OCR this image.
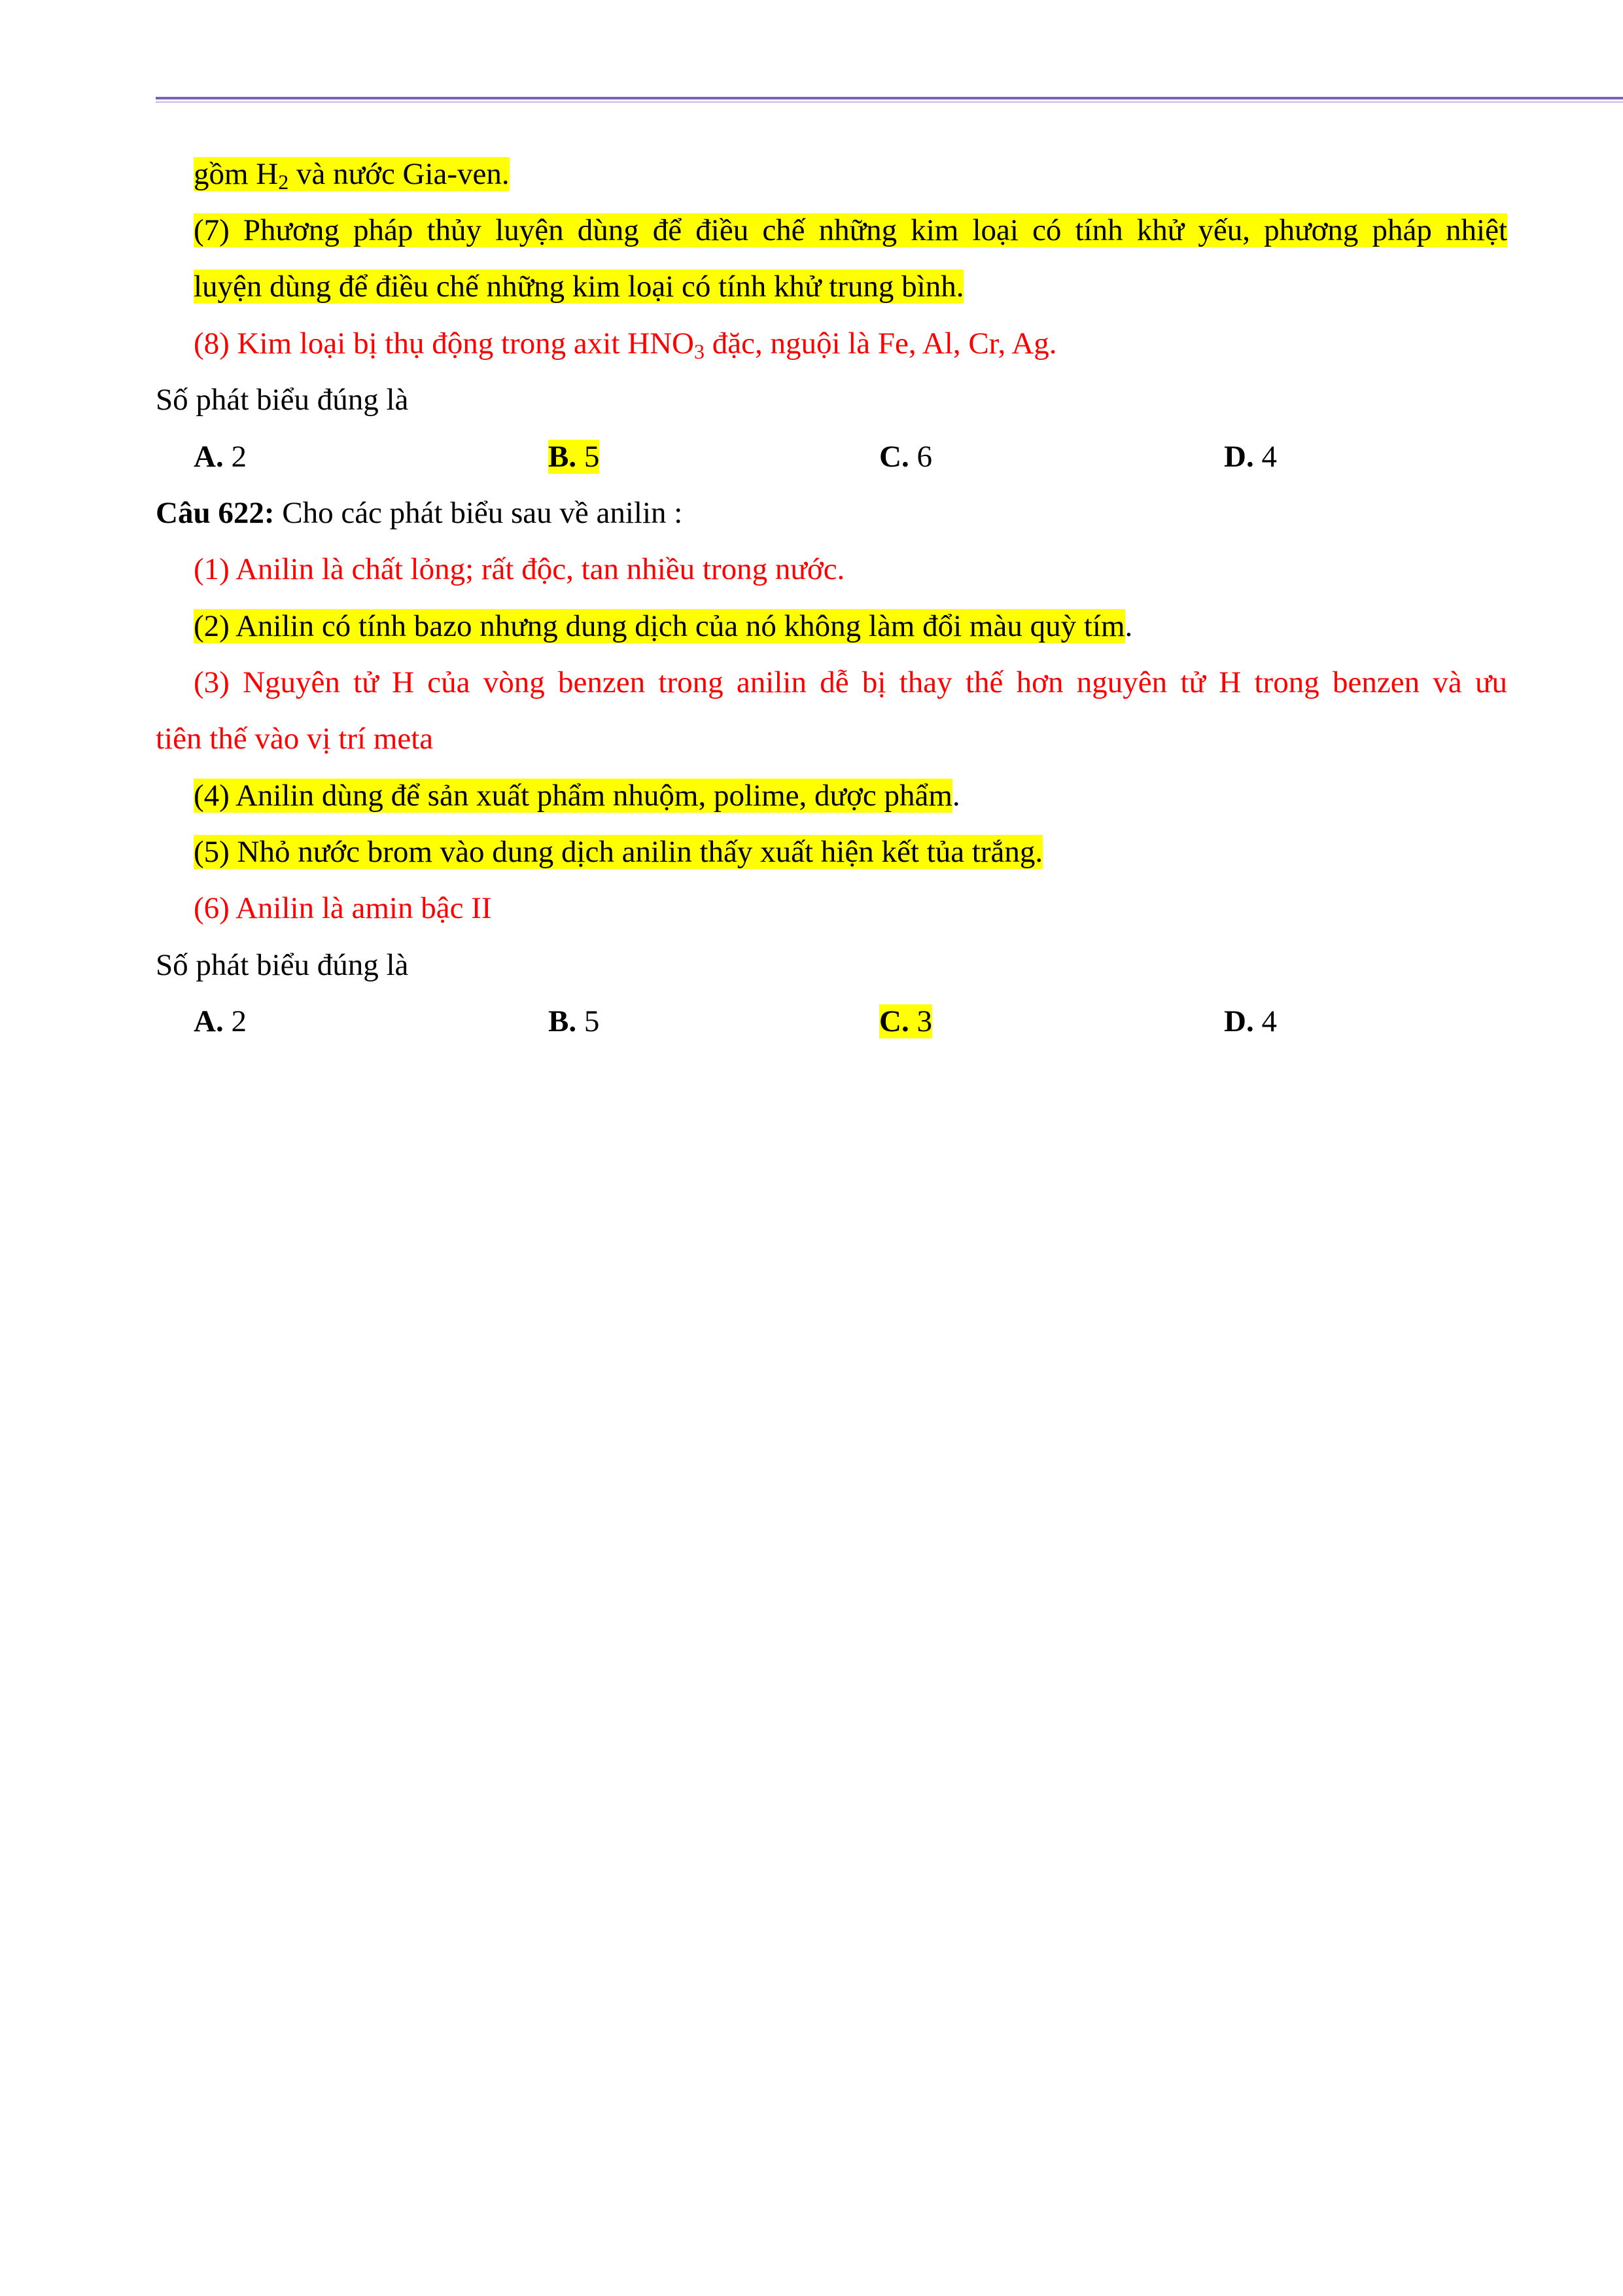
gồm $H_2$ và nước Gia-ven.
(7) Phương pháp thủy luyện dùng để điều chế những kim loại có tính khử yếu, phương pháp nhiệt
luyện dùng để điều chế những kim loại có tính khử trung bình.
(8) Kim loại bị thụ động trong axit $HNO_3$ đặc, nguội là Fe, Al, Cr, Ag.
Số phát biểu đúng là
A. 2	B. 5	C. 6	D. 4
Câu 622: Cho các phát biểu sau về anilin :
(1) Anilin là chất lỏng; rất độc, tan nhiều trong nước.
(2) Anilin có tính bazo nhưng dung dịch của nó không làm đổi màu quỳ tím.
(3) Nguyên tử H của vòng benzen trong anilin dễ bị thay thế hơn nguyên tử H trong benzen và ưu
tiên thế vào vị trí meta
(4) Anilin dùng để sản xuất phẩm nhuộm, polime, dược phẩm.
(5) Nhỏ nước brom vào dung dịch anilin thấy xuất hiện kết tủa trắng.
(6) Anilin là amin bậc II
Số phát biểu đúng là
A. 2	B. 5	C. 3	D. 4
